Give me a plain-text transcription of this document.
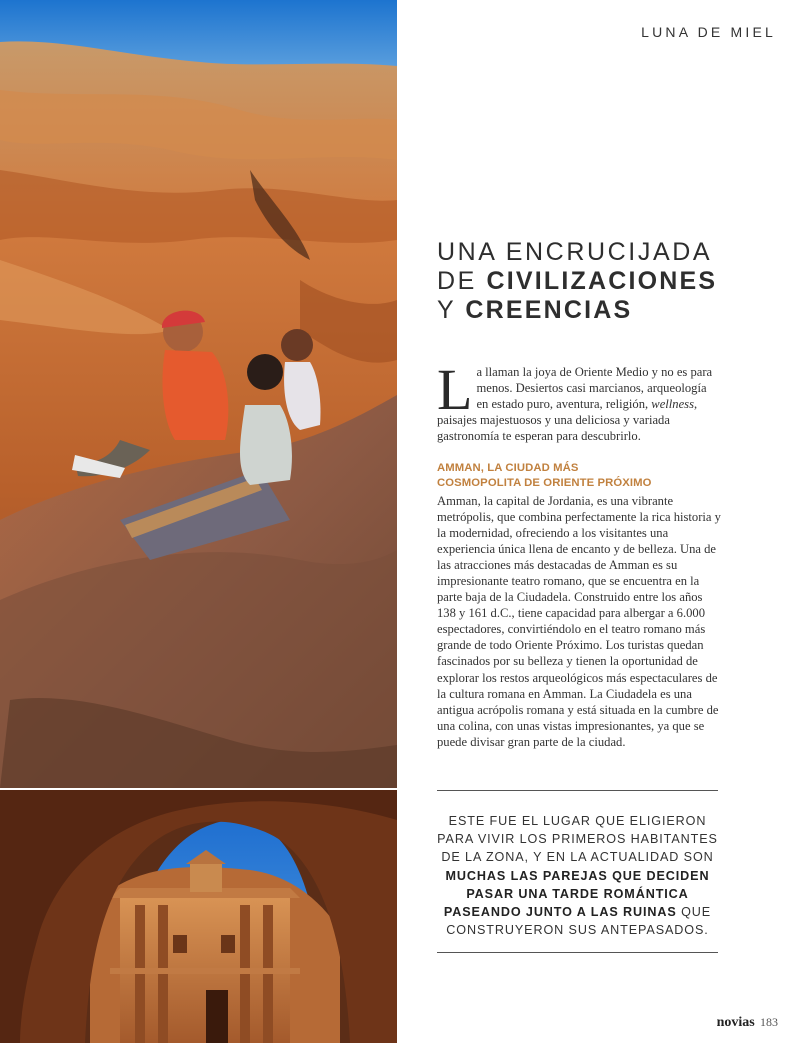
LUNA DE MIEL
UNA ENCRUCIJADA
DE CIVILIZACIONES
Y CREENCIAS
La llaman la joya de Oriente Medio y no es para menos. Desiertos casi marcianos, arqueología en estado puro, aventura, religión, wellness, paisajes majestuosos y una deliciosa y variada gastronomía te esperan para descubrirlo.
AMMAN, LA CIUDAD MÁS
COSMOPOLITA DE ORIENTE PRÓXIMO
Amman, la capital de Jordania, es una vibrante metrópolis, que combina perfectamente la rica historia y la modernidad, ofreciendo a los visitantes una experiencia única llena de encanto y de belleza. Una de las atracciones más destacadas de Amman es su impresionante teatro romano, que se encuentra en la parte baja de la Ciudadela. Construido entre los años 138 y 161 d.C., tiene capacidad para albergar a 6.000 espectadores, convirtiéndolo en el teatro romano más grande de todo Oriente Próximo. Los turistas quedan fascinados por su belleza y tienen la oportunidad de explorar los restos arqueológicos más espectaculares de la cultura romana en Amman. La Ciudadela es una antigua acrópolis romana y está situada en la cumbre de una colina, con unas vistas impresionantes, ya que se puede divisar gran parte de la ciudad.
ESTE FUE EL LUGAR QUE ELIGIERON PARA VIVIR LOS PRIMEROS HABITANTES DE LA ZONA, Y EN LA ACTUALIDAD SON MUCHAS LAS PAREJAS QUE DECIDEN PASAR UNA TARDE ROMÁNTICA PASEANDO JUNTO A LAS RUINAS QUE CONSTRUYERON SUS ANTEPASADOS.
novias 183
